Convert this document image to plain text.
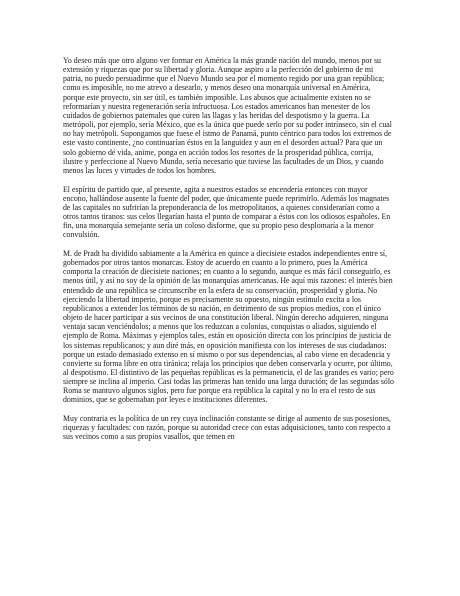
Yo deseo más que otro alguno ver formar en América la más grande nación del mundo, menos por su extensión y riquezas que por su libertad y gloria. Aunque aspiro a la perfección del gobierno de mi patria, no puedo persuadirme que el Nuevo Mundo sea por el momento regido por una gran república; como es imposible, no me atrevo a desearlo, y menos deseo una monarquía universal en América, porque este proyecto, sin ser útil, es también imposible. Los abusos que actualmente existen no se reformarían y nuestra regeneración sería infructuosa. Los estados americanos han menester de los cuidados de gobiernos paternales que curen las llagas y las heridas del despotismo y la guerra. La metrópoli, por ejemplo, sería México, que es la única que puede serlo por su poder intrínseco, sin el cual no hay metrópoli. Supongamos que fuese el istmo de Panamá, punto céntrico para todos los extremos de este vasto continente, ¿no continuarían éstos en la languidez y aun en el desorden actual? Para que un solo gobierno dé vida, anime, ponga en acción todos los resortes de la prosperidad pública, corrija, ilustre y perfeccione al Nuevo Mundo, sería necesario que tuviese las facultades de un Dios, y cuando menos las luces y virtudes de todos los hombres.

El espíritu de partido que, al presente, agita a nuestros estados se encendería entonces con mayor encono, hallándose ausente la fuente del poder, que únicamente puede reprimirlo. Además los magnates de las capitales no sufrirían la preponderancia de los metropolitanos, a quienes considerarían como a otros tantos tiranos: sus celos llegarían hasta el punto de comparar a éstos con los odiosos españoles. En fin, una monarquía semejante sería un coloso disforme, que su propio peso desplomaría a la menor convulsión.

M. de Pradt ha dividido sabiamente a la América en quince a diecisiete estados independientes entre sí, gobernados por otros tantos monarcas. Estoy de acuerdo en cuanto a lo primero, pues la América comporta la creación de diecisiete naciones; en cuanto a lo segundo, aunque es más fácil conseguirlo, es menos útil, y así no soy de la opinión de las monarquías americanas. He aquí mis razones: el interés bien entendido de una república se circunscribe en la esfera de su conservación, prosperidad y gloria. No ejerciendo la libertad imperio, porque es precisamente su opuesto, ningún estímulo excita a los republicanos a extender los términos de su nación, en detrimento de sus propios medios, con el único objeto de hacer participar a sus vecinos de una constitución liberal. Ningún derecho adquieren, ninguna ventaja sacan venciéndolos; a menos que los reduzcan a colonias, conquistas o aliados, siguiendo el ejemplo de Roma. Máximas y ejemplos tales, están en oposición directa con los principios de justicia de los sistemas republicanos; y aun diré más, en oposición manifiesta con los intereses de sus ciudadanos: porque un estado demasiado extenso en sí mismo o por sus dependencias, al cabo viene en decadencia y convierte su forma libre en otra tiránica; relaja los principios que deben conservarla y ocurre, por último, al despotismo. El distintivo de las pequeñas repúblicas es la permanencia, el de las grandes es vario; pero siempre se inclina al imperio. Casi todas las primeras han tenido una larga duración; de las segundas sólo Roma se mantuvo algunos siglos, pero fue porque era república la capital y no lo era el resto de sus dominios, que se gobernaban por leyes e instituciones diferentes.

Muy contraria es la política de un rey cuya inclinación constante se dirige al aumento de sus posesiones, riquezas y facultades: con razón, porque su autoridad crece con estas adquisiciones, tanto con respecto a sus vecinos como a sus propios vasallos, que temen en
